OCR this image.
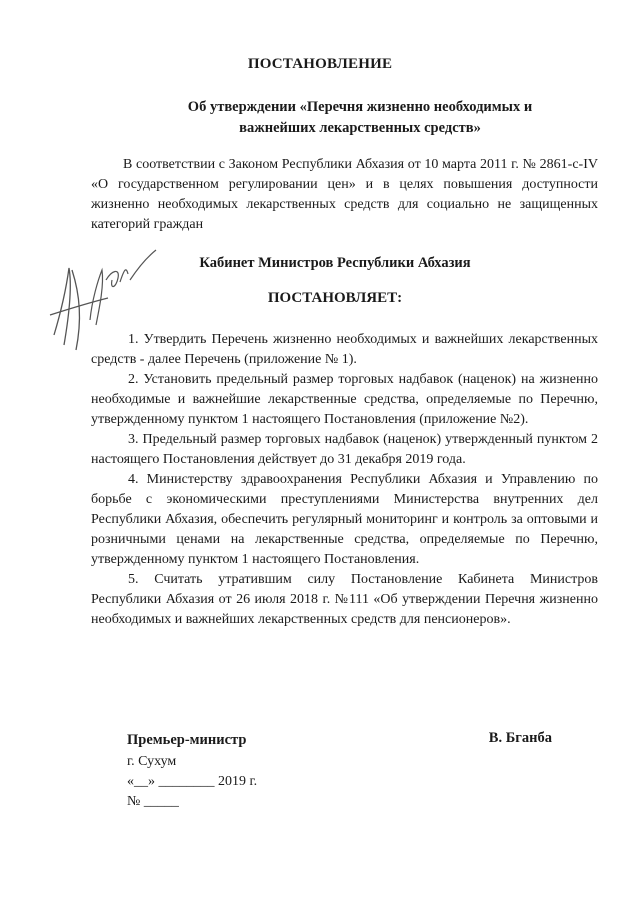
ПОСТАНОВЛЕНИЕ
Об утверждении «Перечня жизненно необходимых и важнейших лекарственных средств»

В соответствии с Законом Республики Абхазия от 10 марта 2011 г. № 2861-с-IV «О государственном регулировании цен» и в целях повышения доступности жизненно необходимых лекарственных средств для социально не защищенных категорий граждан

Кабинет Министров Республики Абхазия
ПОСТАНОВЛЯЕТ:

1. Утвердить Перечень жизненно необходимых и важнейших лекарственных средств - далее Перечень (приложение № 1).

2. Установить предельный размер торговых надбавок (наценок) на жизненно необходимые и важнейшие лекарственные средства, определяемые по Перечню, утвержденному пунктом 1 настоящего Постановления (приложение №2).

3. Предельный размер торговых надбавок (наценок) утвержденный пунктом 2 настоящего Постановления действует до 31 декабря 2019 года.

4. Министерству здравоохранения Республики Абхазия и Управлению по борьбе с экономическими преступлениями Министерства внутренних дел Республики Абхазия, обеспечить регулярный мониторинг и контроль за оптовыми и розничными ценами на лекарственные средства, определяемые по Перечню, утвержденному пунктом 1 настоящего Постановления.

5. Считать утратившим силу Постановление Кабинета Министров Республики Абхазия от 26 июля 2018 г. №111 «Об утверждении Перечня жизненно необходимых и важнейших лекарственных средств для пенсионеров».

Премьер-министр
г. Сухум
«__» ________ 2019 г.
№ _____
В. Бганба
